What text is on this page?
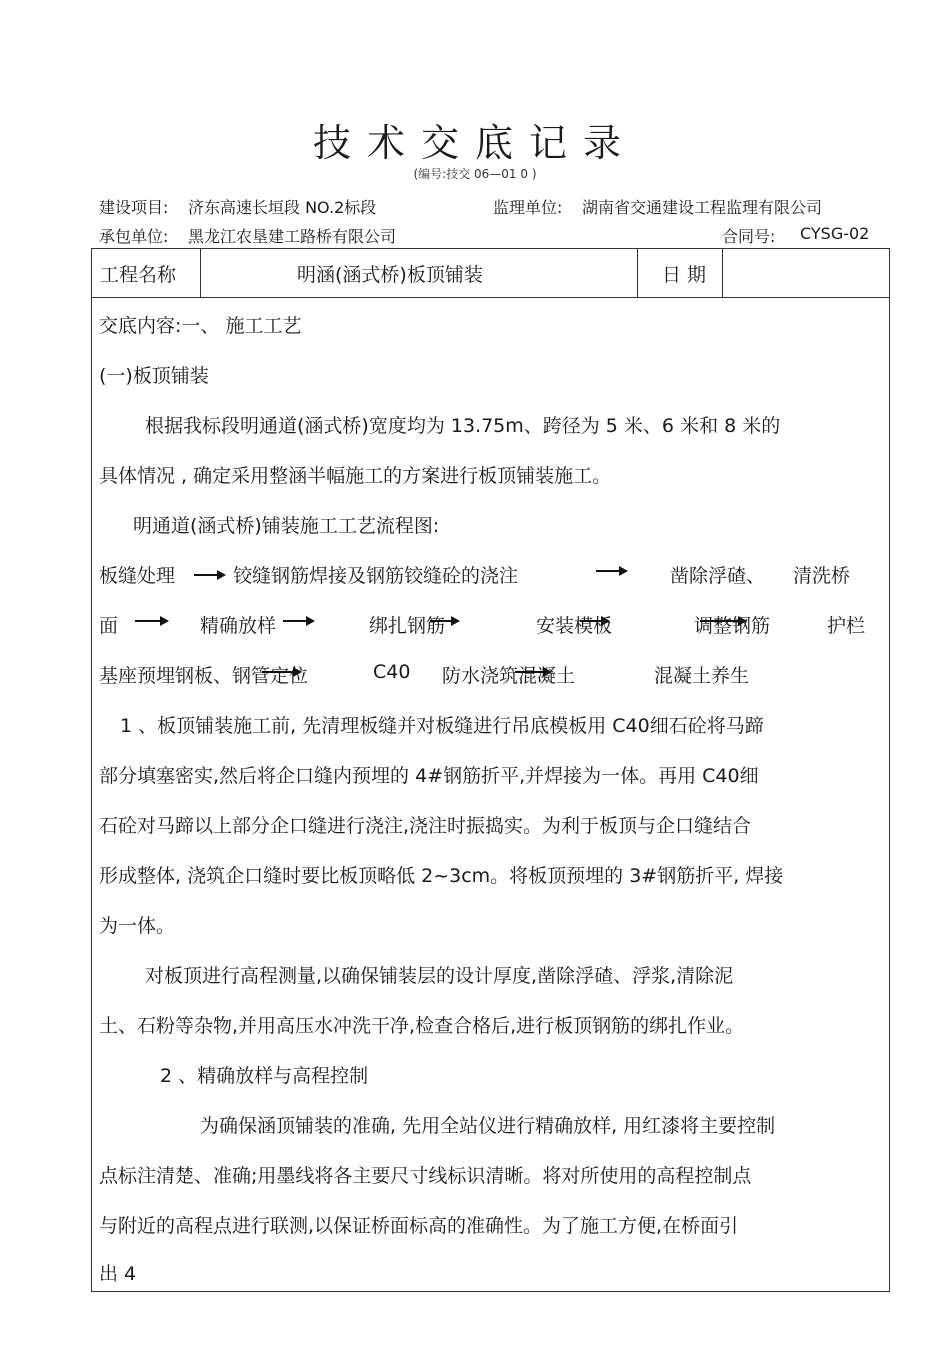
技术交底记录
(编号:技交 06—01 0 )
建设项目: 济东高速长垣段 NO.2标段	监理单位: 湖南省交通建设工程监理有限公司
承包单位: 黑龙江农垦建工路桥有限公司	合同号: CYSG-02
工程名称	明涵(涵式桥)板顶铺装	日 期
交底内容:一、 施工工艺
(一)板顶铺装
根据我标段明通道(涵式桥)宽度均为 13.75m、跨径为 5 米、6 米和 8 米的
具体情况 , 确定采用整涵半幅施工的方案进行板顶铺装施工。
明通道(涵式桥)铺装施工工艺流程图:
板缝处理	铰缝钢筋焊接及钢筋铰缝砼的浇注	凿除浮碴、 清洗桥
面	精确放样	绑扎钢筋	安装模板	调整钢筋	护栏
基座预埋钢板、钢管定位	C40 防水浇筑混凝土	混凝土养生
1 、板顶铺装施工前, 先清理板缝并对板缝进行吊底模板用 C40细石砼将马蹄
部分填塞密实,然后将企口缝内预埋的 4#钢筋折平,并焊接为一体。再用 C40细
石砼对马蹄以上部分企口缝进行浇注,浇注时振捣实。为利于板顶与企口缝结合
形成整体, 浇筑企口缝时要比板顶略低 2~3cm。将板顶预埋的 3#钢筋折平, 焊接
为一体。
对板顶进行高程测量,以确保铺装层的设计厚度,凿除浮碴、浮浆,清除泥
土、石粉等杂物,并用高压水冲洗干净,检查合格后,进行板顶钢筋的绑扎作业。
2 、精确放样与高程控制
为确保涵顶铺装的准确, 先用全站仪进行精确放样, 用红漆将主要控制
点标注清楚、准确;用墨线将各主要尺寸线标识清晰。将对所使用的高程控制点
与附近的高程点进行联测,以保证桥面标高的准确性。为了施工方便,在桥面引
出 4
